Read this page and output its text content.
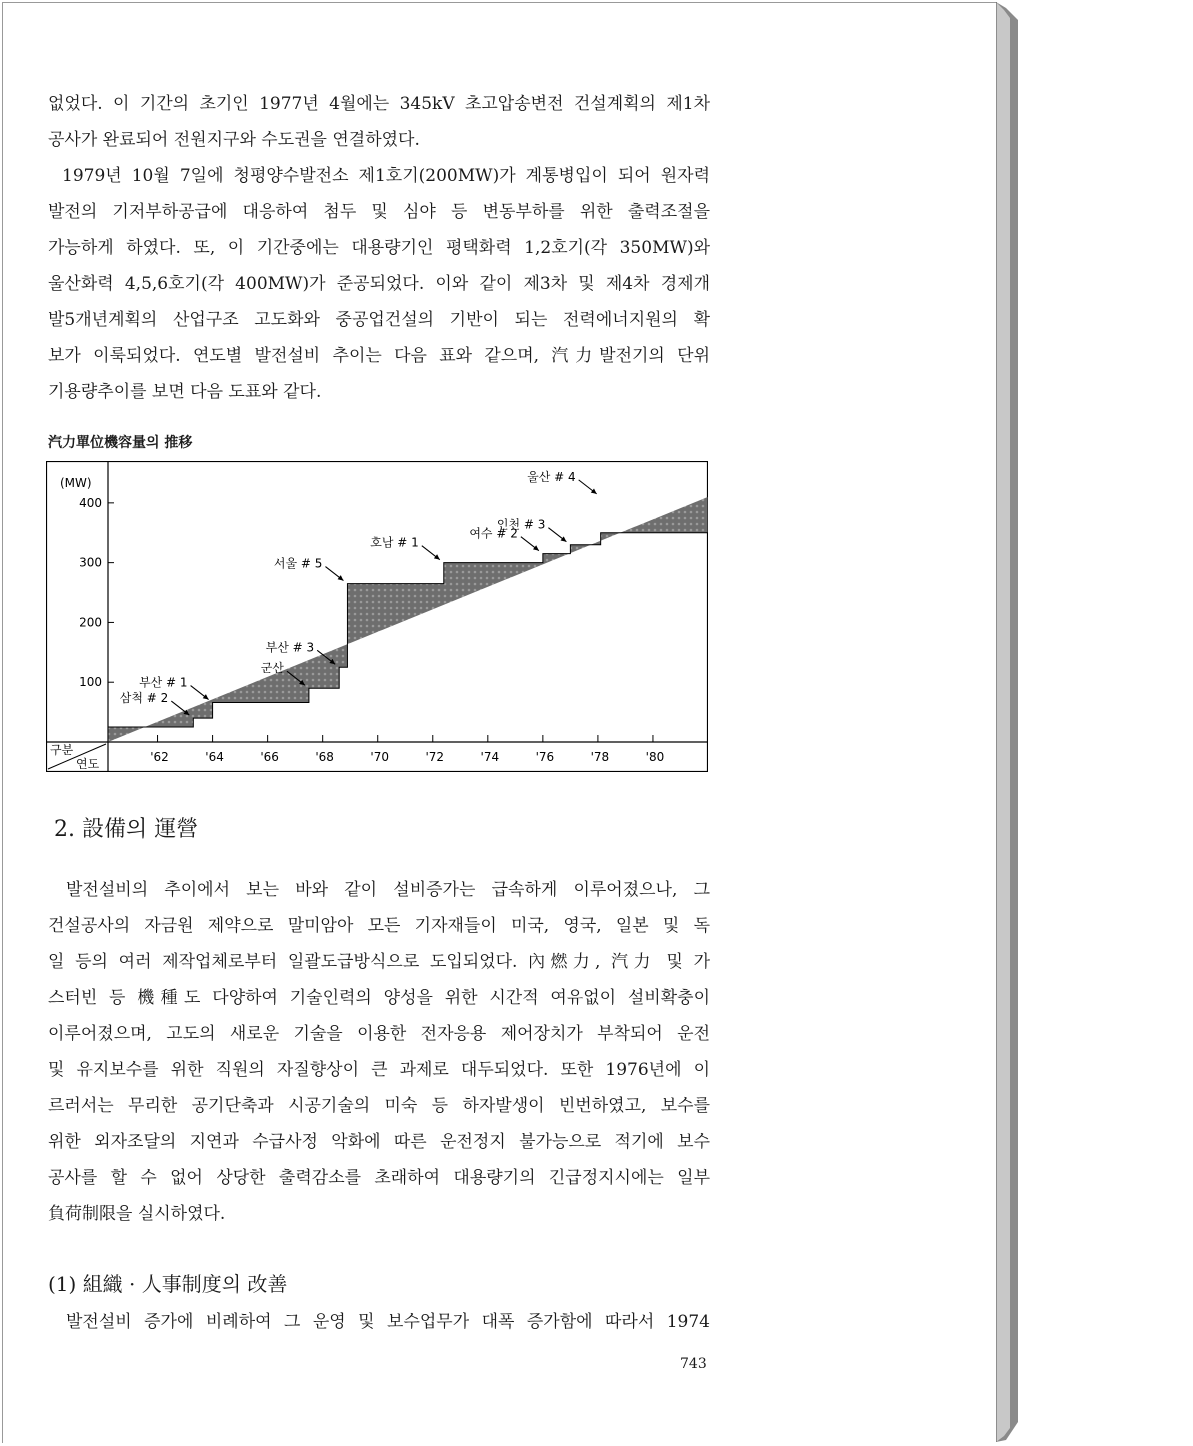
없었다. 이 기간의 초기인 1977년 4월에는 345kV 초고압송변전 건설계획의 제1차

공사가 완료되어 전원지구와 수도권을 연결하였다.

1979년 10월 7일에 청평양수발전소 제1호기(200MW)가 계통병입이 되어 원자력

발전의 기저부하공급에 대응하여 첨두 및 심야 등 변동부하를 위한 출력조절을

가능하게 하였다. 또, 이 기간중에는 대용량기인 평택화력 1,2호기(각 350MW)와

울산화력 4,5,6호기(각 400MW)가 준공되었다. 이와 같이 제3차 및 제4차 경제개

발5개년계획의 산업구조 고도화와 중공업건설의 기반이 되는 전력에너지원의 확

보가 이룩되었다. 연도별 발전설비 추이는 다음 표와 같으며, 汽力발전기의 단위

기용량추이를 보면 다음 도표와 같다.

汽力單位機容量의 推移
(MW)
구분
연도
100
200
300
400
'62	'64	'66	'68	'70	'72	'74	'76	'78	'80
삼척 # 2
부산 # 1
군산
부산 # 3
서울 # 5
호남 # 1
여수 # 2
인천 # 3
울산 # 4
2. 設備의 運營

발전설비의 추이에서 보는 바와 같이 설비증가는 급속하게 이루어졌으나, 그

건설공사의 자금원 제약으로 말미암아 모든 기자재들이 미국, 영국, 일본 및 독

일 등의 여러 제작업체로부터 일괄도급방식으로 도입되었다. 內燃力, 汽力 및 가

스터빈 등 機種도 다양하여 기술인력의 양성을 위한 시간적 여유없이 설비확충이

이루어졌으며, 고도의 새로운 기술을 이용한 전자응용 제어장치가 부착되어 운전

및 유지보수를 위한 직원의 자질향상이 큰 과제로 대두되었다. 또한 1976년에 이

르러서는 무리한 공기단축과 시공기술의 미숙 등 하자발생이 빈번하였고, 보수를

위한 외자조달의 지연과 수급사정 악화에 따른 운전정지 불가능으로 적기에 보수

공사를 할 수 없어 상당한 출력감소를 초래하여 대용량기의 긴급정지시에는 일부

負荷制限을 실시하였다.

(1) 組織 · 人事制度의 改善

발전설비 증가에 비례하여 그 운영 및 보수업무가 대폭 증가함에 따라서 1974

743
